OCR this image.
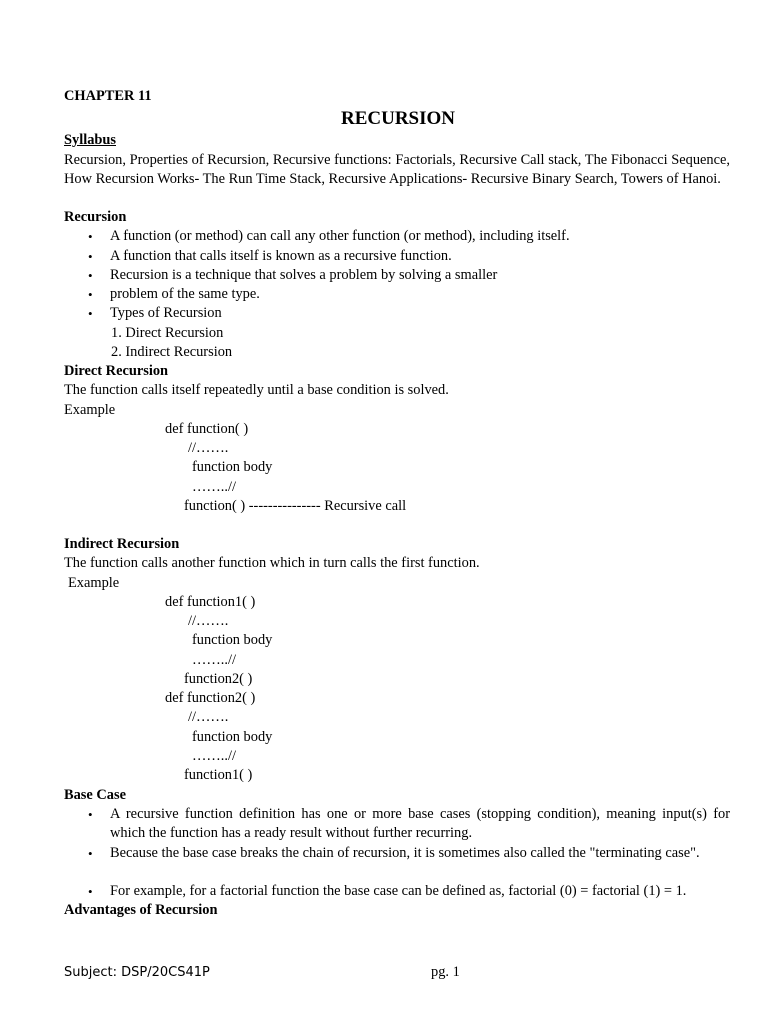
CHAPTER 11
RECURSION
Syllabus
Recursion, Properties of Recursion, Recursive functions: Factorials, Recursive Call stack, The Fibonacci Sequence, How Recursion Works- The Run Time Stack, Recursive Applications- Recursive Binary Search, Towers of Hanoi.
Recursion
• A function (or method) can call any other function (or method), including itself.
• A function that calls itself is known as a recursive function.
• Recursion is a technique that solves a problem by solving a smaller
• problem of the same type.
• Types of Recursion
1. Direct Recursion
2. Indirect Recursion
Direct Recursion
The function calls itself repeatedly until a base condition is solved.
Example
def function( )
//…….
function body
……..//
function( ) --------------- Recursive call
Indirect Recursion
The function calls another function which in turn calls the first function.
Example
def function1( )
//…….
function body
……..//
function2( )
def function2( )
//…….
function body
……..//
function1( )
Base Case
• A recursive function definition has one or more base cases (stopping condition), meaning input(s) for which the function has a ready result without further recurring.
• Because the base case breaks the chain of recursion, it is sometimes also called the "terminating case".
• For example, for a factorial function the base case can be defined as, factorial (0) = factorial (1) = 1.
Advantages of Recursion
Subject: DSP/20CS41P	pg. 1
